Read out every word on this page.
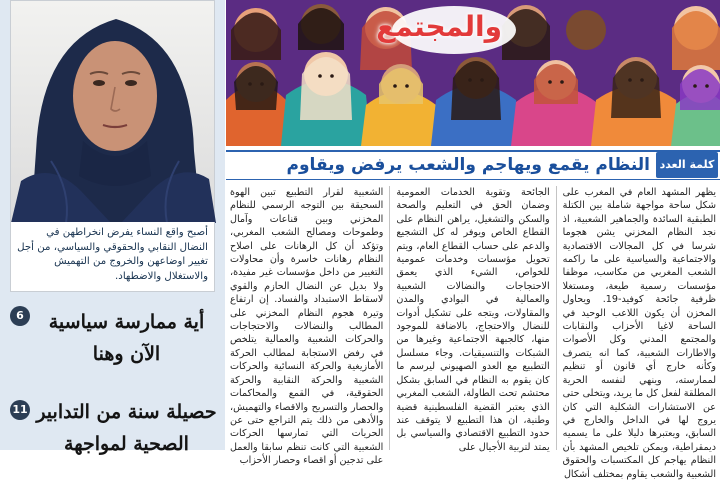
أصبح واقع النساء يفرض انخراطهن في النضال النقابي والحقوقي والسياسي، من أجل تغيير اوضاعهن والخروج من التهميش والاستغلال والاضطهاد.

6	أية ممارسة سياسية الآن وهنا
11 حصيلة سنة من التدابير الصحية لمواجهة
والمجتمع
كلمة العدد
النظام يقمع ويهاجم والشعب يرفض ويقاوم
يظهر المشهد العام في المغرب على شكل ساحة مواجهة شاملة بين الكتلة الطبقية السائدة والجماهير الشعبية، اذ نجد النظام المخزني يشن هجوما شرسا في كل المجالات الاقتصادية والاجتماعية والسياسية على ما راكمه الشعب المغربي من مكاسب، موظفا مؤسسات رسمية طيعة، ومستغلا ظرفية جائحة كوفيد-19. ويحاول المخزن أن يكون اللاعب الوحيد في الساحة لاغيا الأحزاب والنقابات والمجتمع المدني وكل الأصوات والاطارات الشعبية، كما انه يتصرف وكأنه خارج أي قانون أو تنظيم لممارسته، وينهي لنفسه الحرية المطلقة لفعل كل ما يريد، ويتخلى حتى عن الاستشارات الشكلية التي كان يروج لها في الداخل والخارج في السابق، ويعتبرها دليلا على ما يسميه ديمقراطية، ويمكن تلخيص المشهد بأن النظام يهاجم كل المكتسبات والحقوق الشعبية والشعب يقاوم بمختلف أشكال
الجائحة وتقوية الخدمات العمومية وضمان الحق في التعليم والصحة والسكن والتشغيل، يراهن النظام على القطاع الخاص ويوفر له كل التشجيع والدعم على حساب القطاع العام، ويتم تحويل مؤسسات وخدمات عمومية للخواص، الشيء الذي يعمق الاحتجاجات والنضالات الشعبية والعمالية في البوادي والمدن والمقاولات، ويتجه على تشكيل أدوات للنضال والاحتجاج، بالاضافة للموجود منها، كالجبهة الاجتماعية وغيرها من الشبكات والتنسيقيات. وجاء مسلسل التطبيع مع العدو الصهيوني ليرسم ما كان يقوم به النظام في السابق بشكل محتشم تحت الطاولة، الشعب المغربي الذي يعتبر القضية الفلسطينية قضية وطنية، ان هذا التطبيع لا يتوقف عند حدود التطبيع الاقتصادي والسياسي بل يمتد لتربية الأجيال على
الشعبية لقرار التطبيع تبين الهوة السحيقة بين التوجه الرسمي للنظام المخزني وبين قناعات وآمال وطموحات ومصالح الشعب المغربي، وتؤكد أن كل الرهانات على اصلاح النظام رهانات خاسرة وأن محاولات التغيير من داخل مؤسسات غير مفيدة، ولا بديل عن النضال الحازم والقوي لاسقاط الاستبداد والفساد. إن ارتفاع وتيرة هجوم النظام المخزني على المطالب والنضالات والاحتجاجات والحركات الشعبية والعمالية يتلخص في رفض الاستجابة لمطالب الحركة الأمازيغية والحركة النسائية والحركات الشعبية والحركة النقابية والحركة الحقوقية، في القمع والمحاكمات والحصار والتسريح والاقصاء والتهميش، والأدهى من ذلك يتم التراجع حتى عن الحريات التي تمارسها الحركات الشعبية التي كانت تنظم سابقا والعمل على تدجين أو اقصاء وحصار الأحزاب
